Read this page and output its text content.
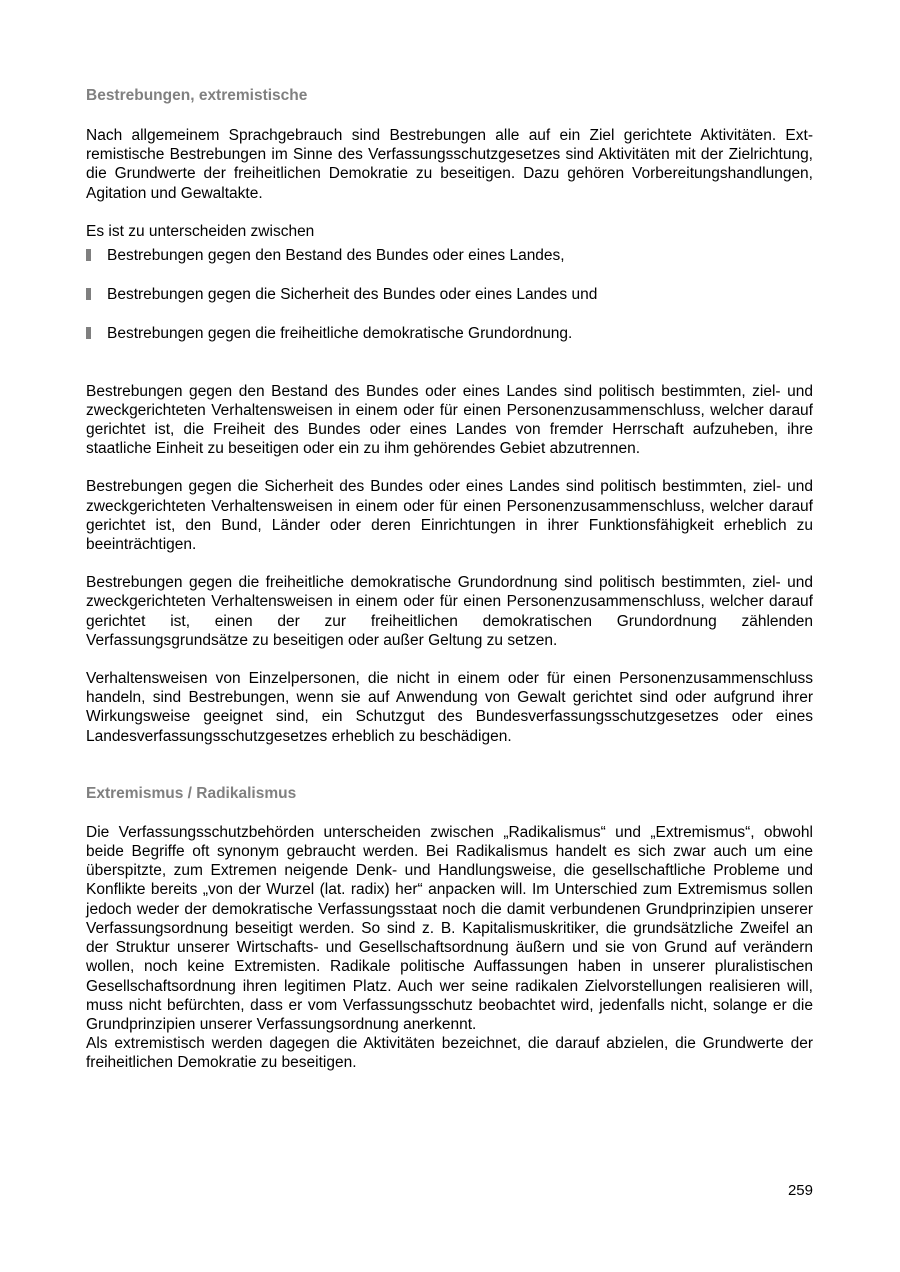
Bestrebungen, extremistische

Nach allgemeinem Sprachgebrauch sind Bestrebungen alle auf ein Ziel gerichtete Aktivitäten. Extremistische Bestrebungen im Sinne des Verfassungsschutzgesetzes sind Aktivitäten mit der Zielrichtung, die Grundwerte der freiheitlichen Demokratie zu beseitigen. Dazu gehören Vorbereitungshandlungen, Agitation und Gewaltakte.

Es ist zu unterscheiden zwischen

Bestrebungen gegen den Bestand des Bundes oder eines Landes,
Bestrebungen gegen die Sicherheit des Bundes oder eines Landes und
Bestrebungen gegen die freiheitliche demokratische Grundordnung.

Bestrebungen gegen den Bestand des Bundes oder eines Landes sind politisch bestimmten, ziel- und zweckgerichteten Verhaltensweisen in einem oder für einen Personenzusammenschluss, welcher darauf gerichtet ist, die Freiheit des Bundes oder eines Landes von fremder Herrschaft aufzuheben, ihre staatliche Einheit zu beseitigen oder ein zu ihm gehörendes Gebiet abzutrennen.

Bestrebungen gegen die Sicherheit des Bundes oder eines Landes sind politisch bestimmten, ziel- und zweckgerichteten Verhaltensweisen in einem oder für einen Personenzusammenschluss, welcher darauf gerichtet ist, den Bund, Länder oder deren Einrichtungen in ihrer Funktionsfähigkeit erheblich zu beeinträchtigen.

Bestrebungen gegen die freiheitliche demokratische Grundordnung sind politisch bestimmten, ziel- und zweckgerichteten Verhaltensweisen in einem oder für einen Personenzusammenschluss, welcher darauf gerichtet ist, einen der zur freiheitlichen demokratischen Grundordnung zählenden Verfassungsgrundsätze zu beseitigen oder außer Geltung zu setzen.

Verhaltensweisen von Einzelpersonen, die nicht in einem oder für einen Personenzusammenschluss handeln, sind Bestrebungen, wenn sie auf Anwendung von Gewalt gerichtet sind oder aufgrund ihrer Wirkungsweise geeignet sind, ein Schutzgut des Bundesverfassungsschutzgesetzes oder eines Landesverfassungsschutzgesetzes erheblich zu beschädigen.

Extremismus / Radikalismus

Die Verfassungsschutzbehörden unterscheiden zwischen „Radikalismus“ und „Extremismus“, obwohl beide Begriffe oft synonym gebraucht werden. Bei Radikalismus handelt es sich zwar auch um eine überspitzte, zum Extremen neigende Denk- und Handlungsweise, die gesellschaftliche Probleme und Konflikte bereits „von der Wurzel (lat. radix) her“ anpacken will. Im Unterschied zum Extremismus sollen jedoch weder der demokratische Verfassungsstaat noch die damit verbundenen Grundprinzipien unserer Verfassungsordnung beseitigt werden. So sind z. B. Kapitalismuskritiker, die grundsätzliche Zweifel an der Struktur unserer Wirtschafts- und Gesellschaftsordnung äußern und sie von Grund auf verändern wollen, noch keine Extremisten. Radikale politische Auffassungen haben in unserer pluralistischen Gesellschaftsordnung ihren legitimen Platz. Auch wer seine radikalen Zielvorstellungen realisieren will, muss nicht befürchten, dass er vom Verfassungsschutz beobachtet wird, jedenfalls nicht, solange er die Grundprinzipien unserer Verfassungsordnung anerkennt.

Als extremistisch werden dagegen die Aktivitäten bezeichnet, die darauf abzielen, die Grundwerte der freiheitlichen Demokratie zu beseitigen.

259
